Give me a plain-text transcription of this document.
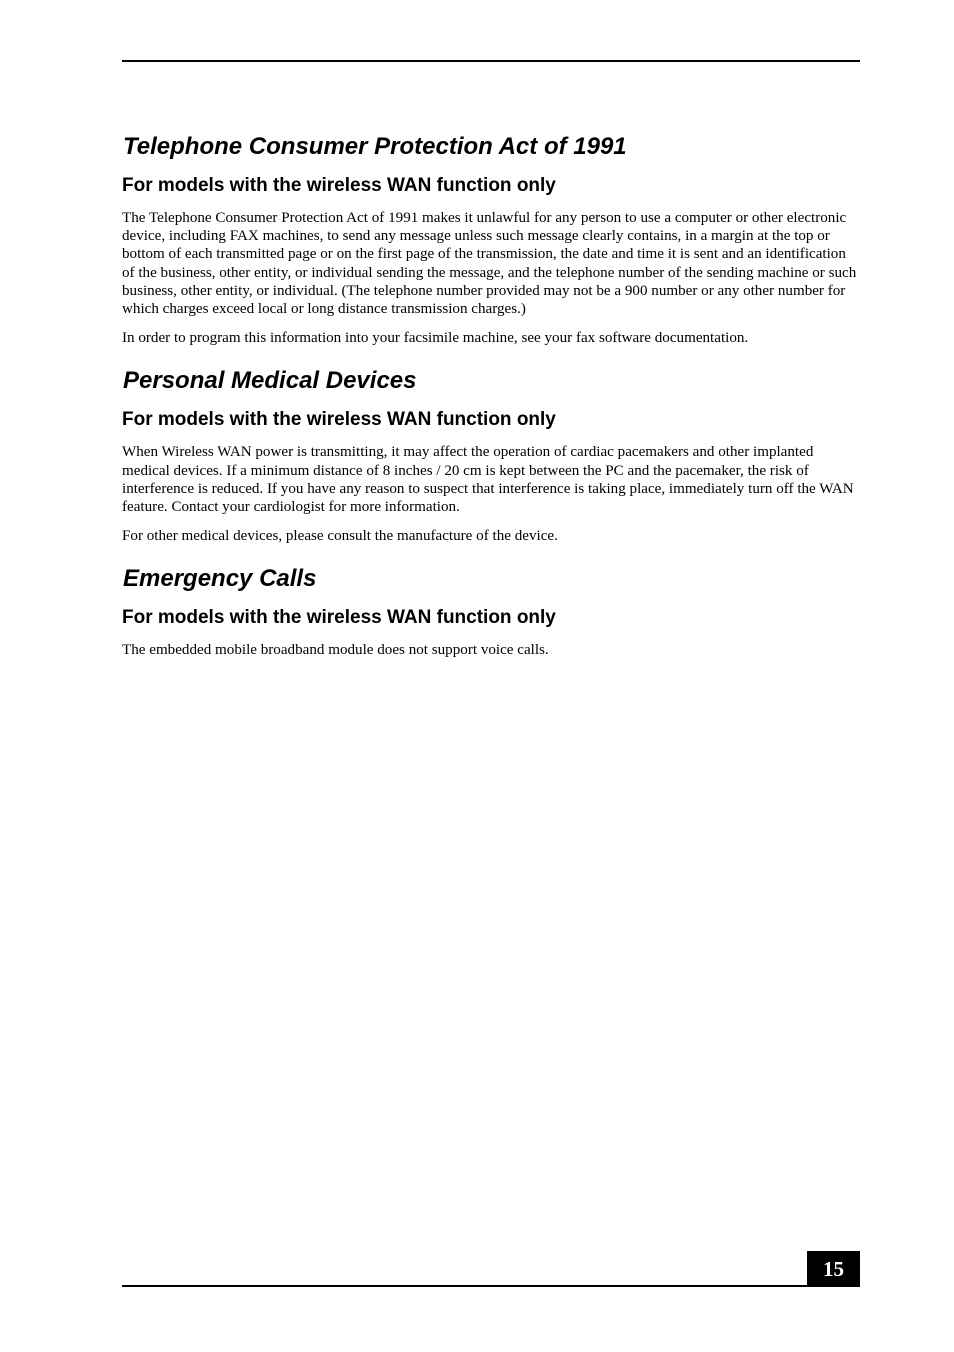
Telephone Consumer Protection Act of 1991
For models with the wireless WAN function only

The Telephone Consumer Protection Act of 1991 makes it unlawful for any person to use a computer or other electronic device, including FAX machines, to send any message unless such message clearly contains, in a margin at the top or bottom of each transmitted page or on the first page of the transmission, the date and time it is sent and an identification of the business, other entity, or individual sending the message, and the telephone number of the sending machine or such business, other entity, or individual. (The telephone number provided may not be a 900 number or any other number for which charges exceed local or long distance transmission charges.)

In order to program this information into your facsimile machine, see your fax software documentation.

Personal Medical Devices
For models with the wireless WAN function only

When Wireless WAN power is transmitting, it may affect the operation of cardiac pacemakers and other implanted medical devices. If a minimum distance of 8 inches / 20 cm is kept between the PC and the pacemaker, the risk of interference is reduced. If you have any reason to suspect that interference is taking place, immediately turn off the WAN feature. Contact your cardiologist for more information.

For other medical devices, please consult the manufacture of the device.

Emergency Calls
For models with the wireless WAN function only

The embedded mobile broadband module does not support voice calls.

15
